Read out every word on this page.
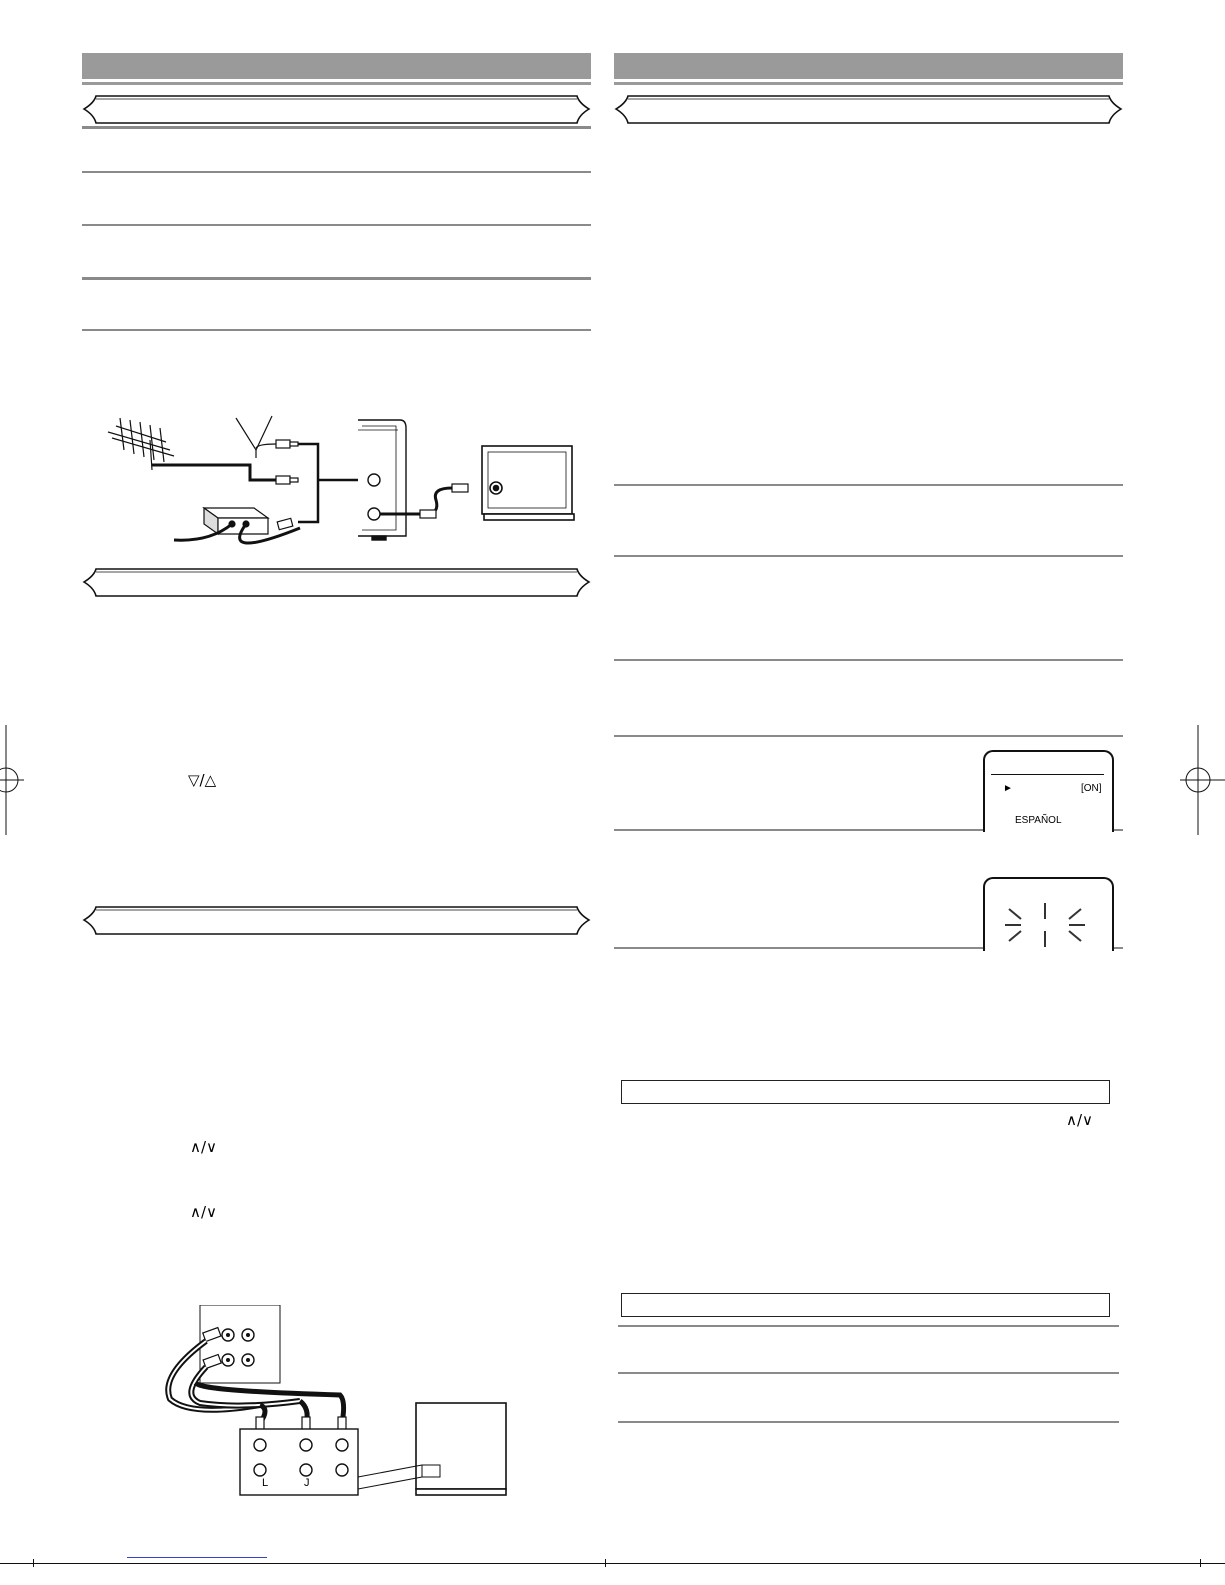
▽/△
∧/∨
∧/∨
L	J
►	[ON]
ESPAÑOL
∧/∨
